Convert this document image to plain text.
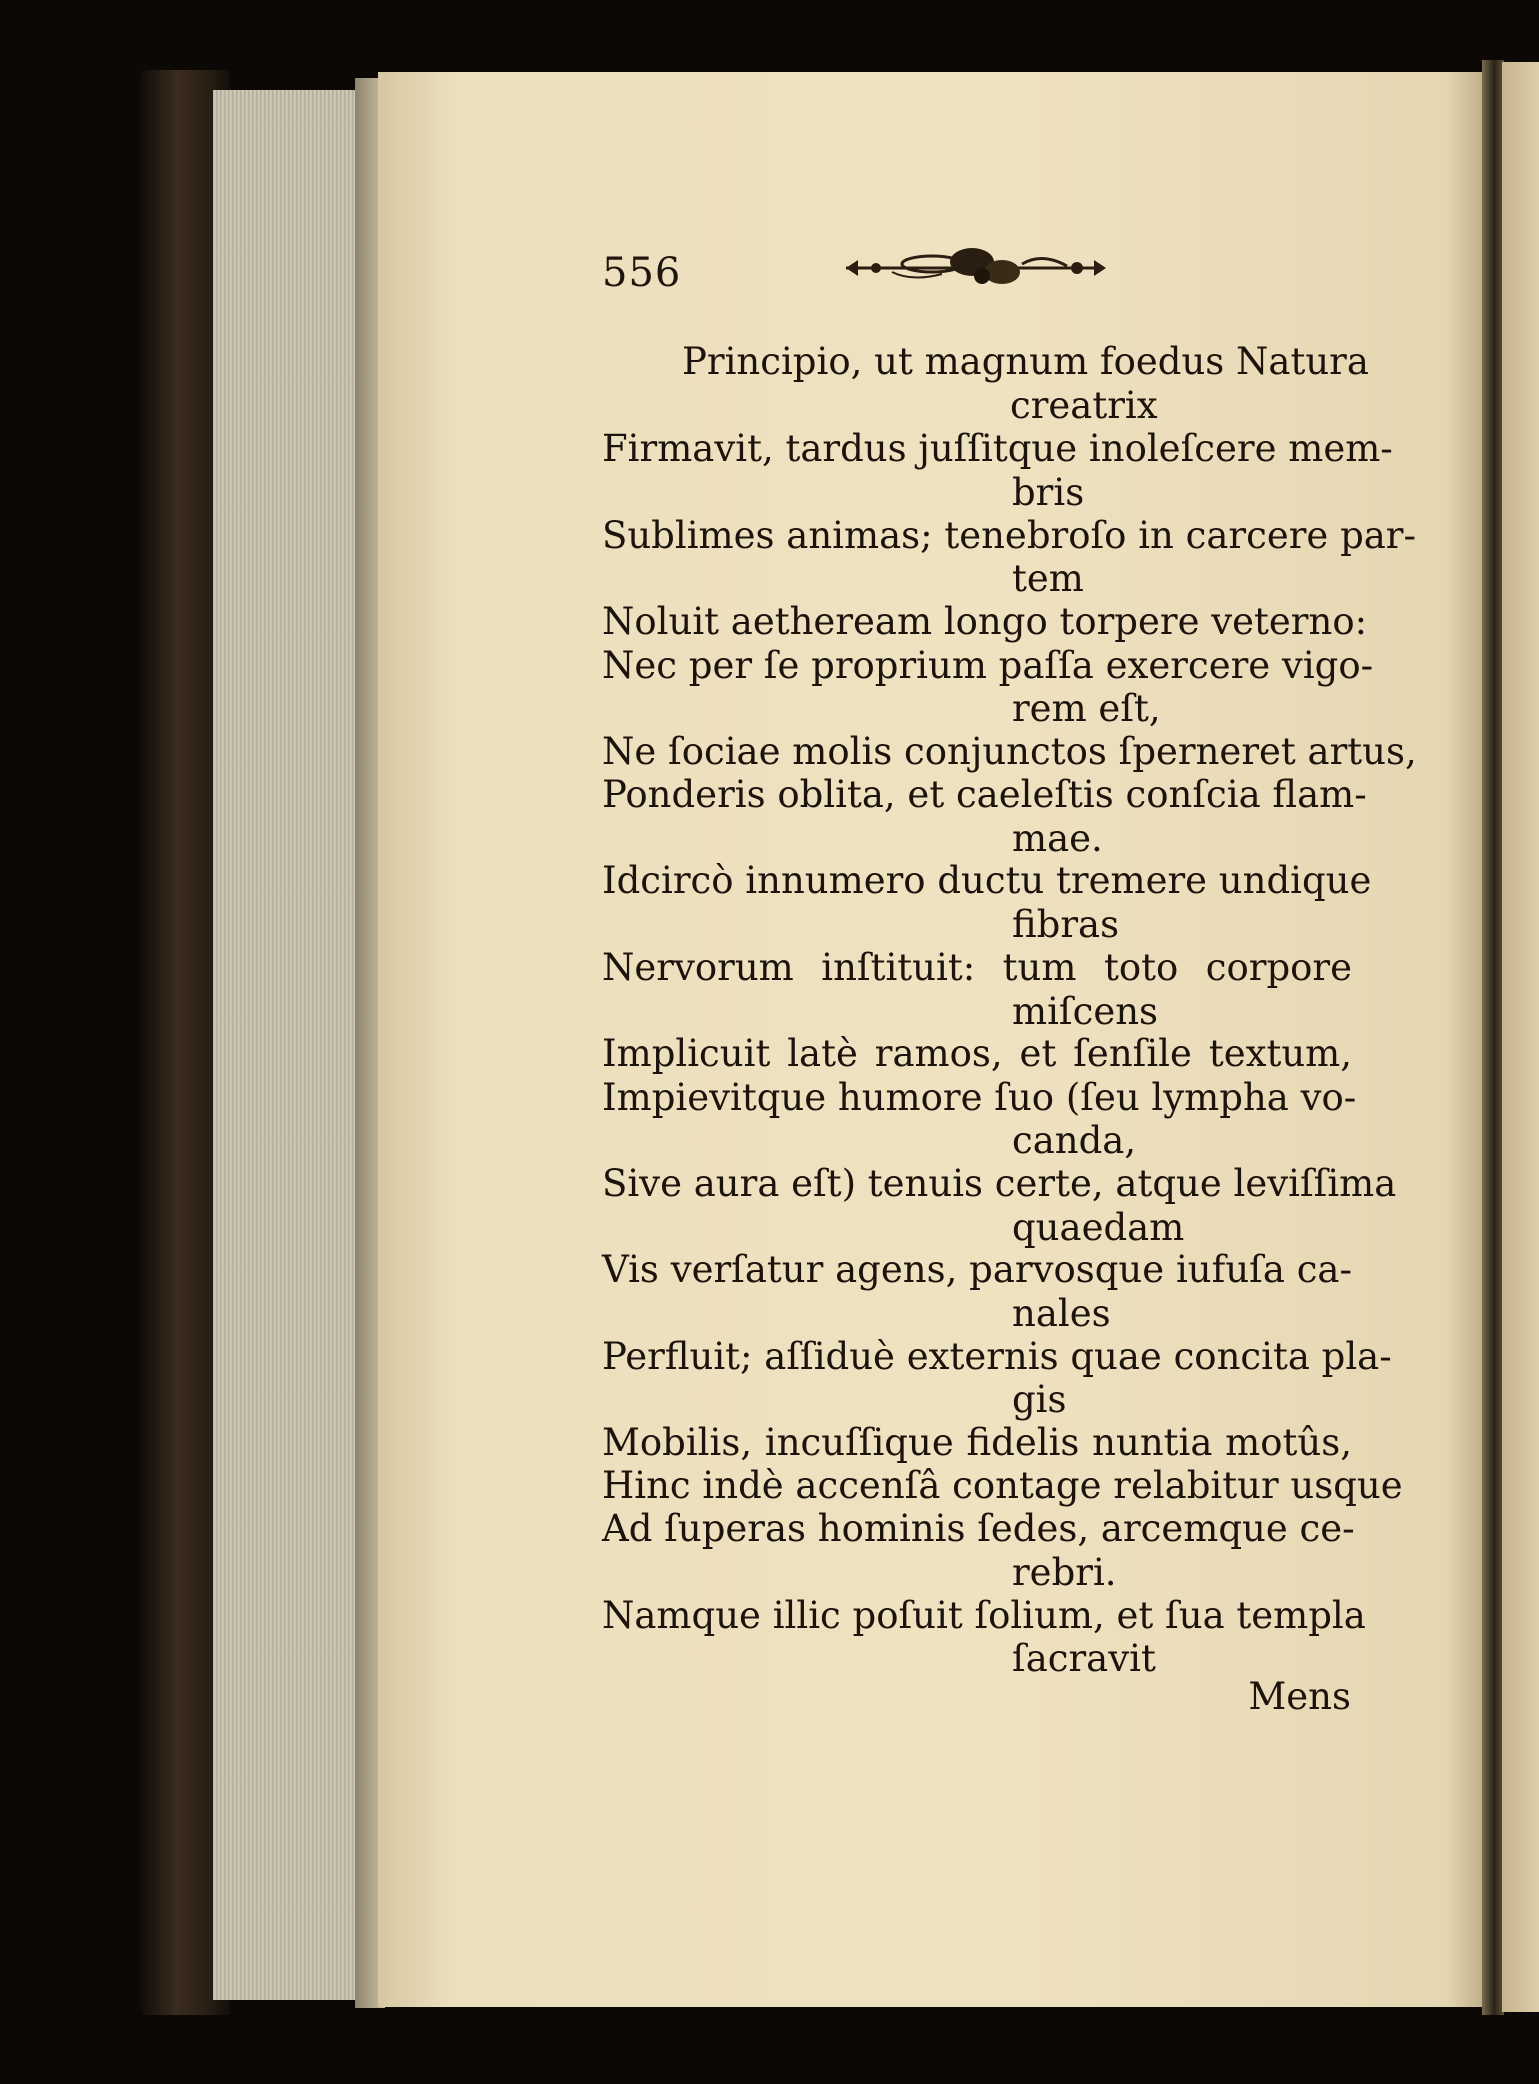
556
Principio, ut magnum foedus Natura
creatrix
Firmavit, tardus juſſitque inoleſcere mem-
bris
Sublimes animas; tenebroſo in carcere par-
tem
Noluit aetheream longo torpere veterno:
Nec per ſe proprium paſſa exercere vigo-
rem eſt,
Ne ſociae molis conjunctos ſperneret artus,
Ponderis oblita, et caeleſtis conſcia flam-
mae.
Idcircò innumero ductu tremere undique
fibras
Nervorum inſtituit: tum toto corpore
miſcens
Implicuit latè ramos, et ſenſile textum,
Impievitque humore ſuo (ſeu lympha vo-
canda,
Sive aura eſt) tenuis certe, atque leviſſima
quaedam
Vis verſatur agens, parvosque iufuſa ca-
nales
Perfluit; aſſiduè externis quae concita pla-
gis
Mobilis, incuſſique fidelis nuntia motûs,
Hinc indè accenſâ contage relabitur usque
Ad ſuperas hominis ſedes, arcemque ce-
rebri.
Namque illic poſuit ſolium, et ſua templa
ſacravit
Mens
